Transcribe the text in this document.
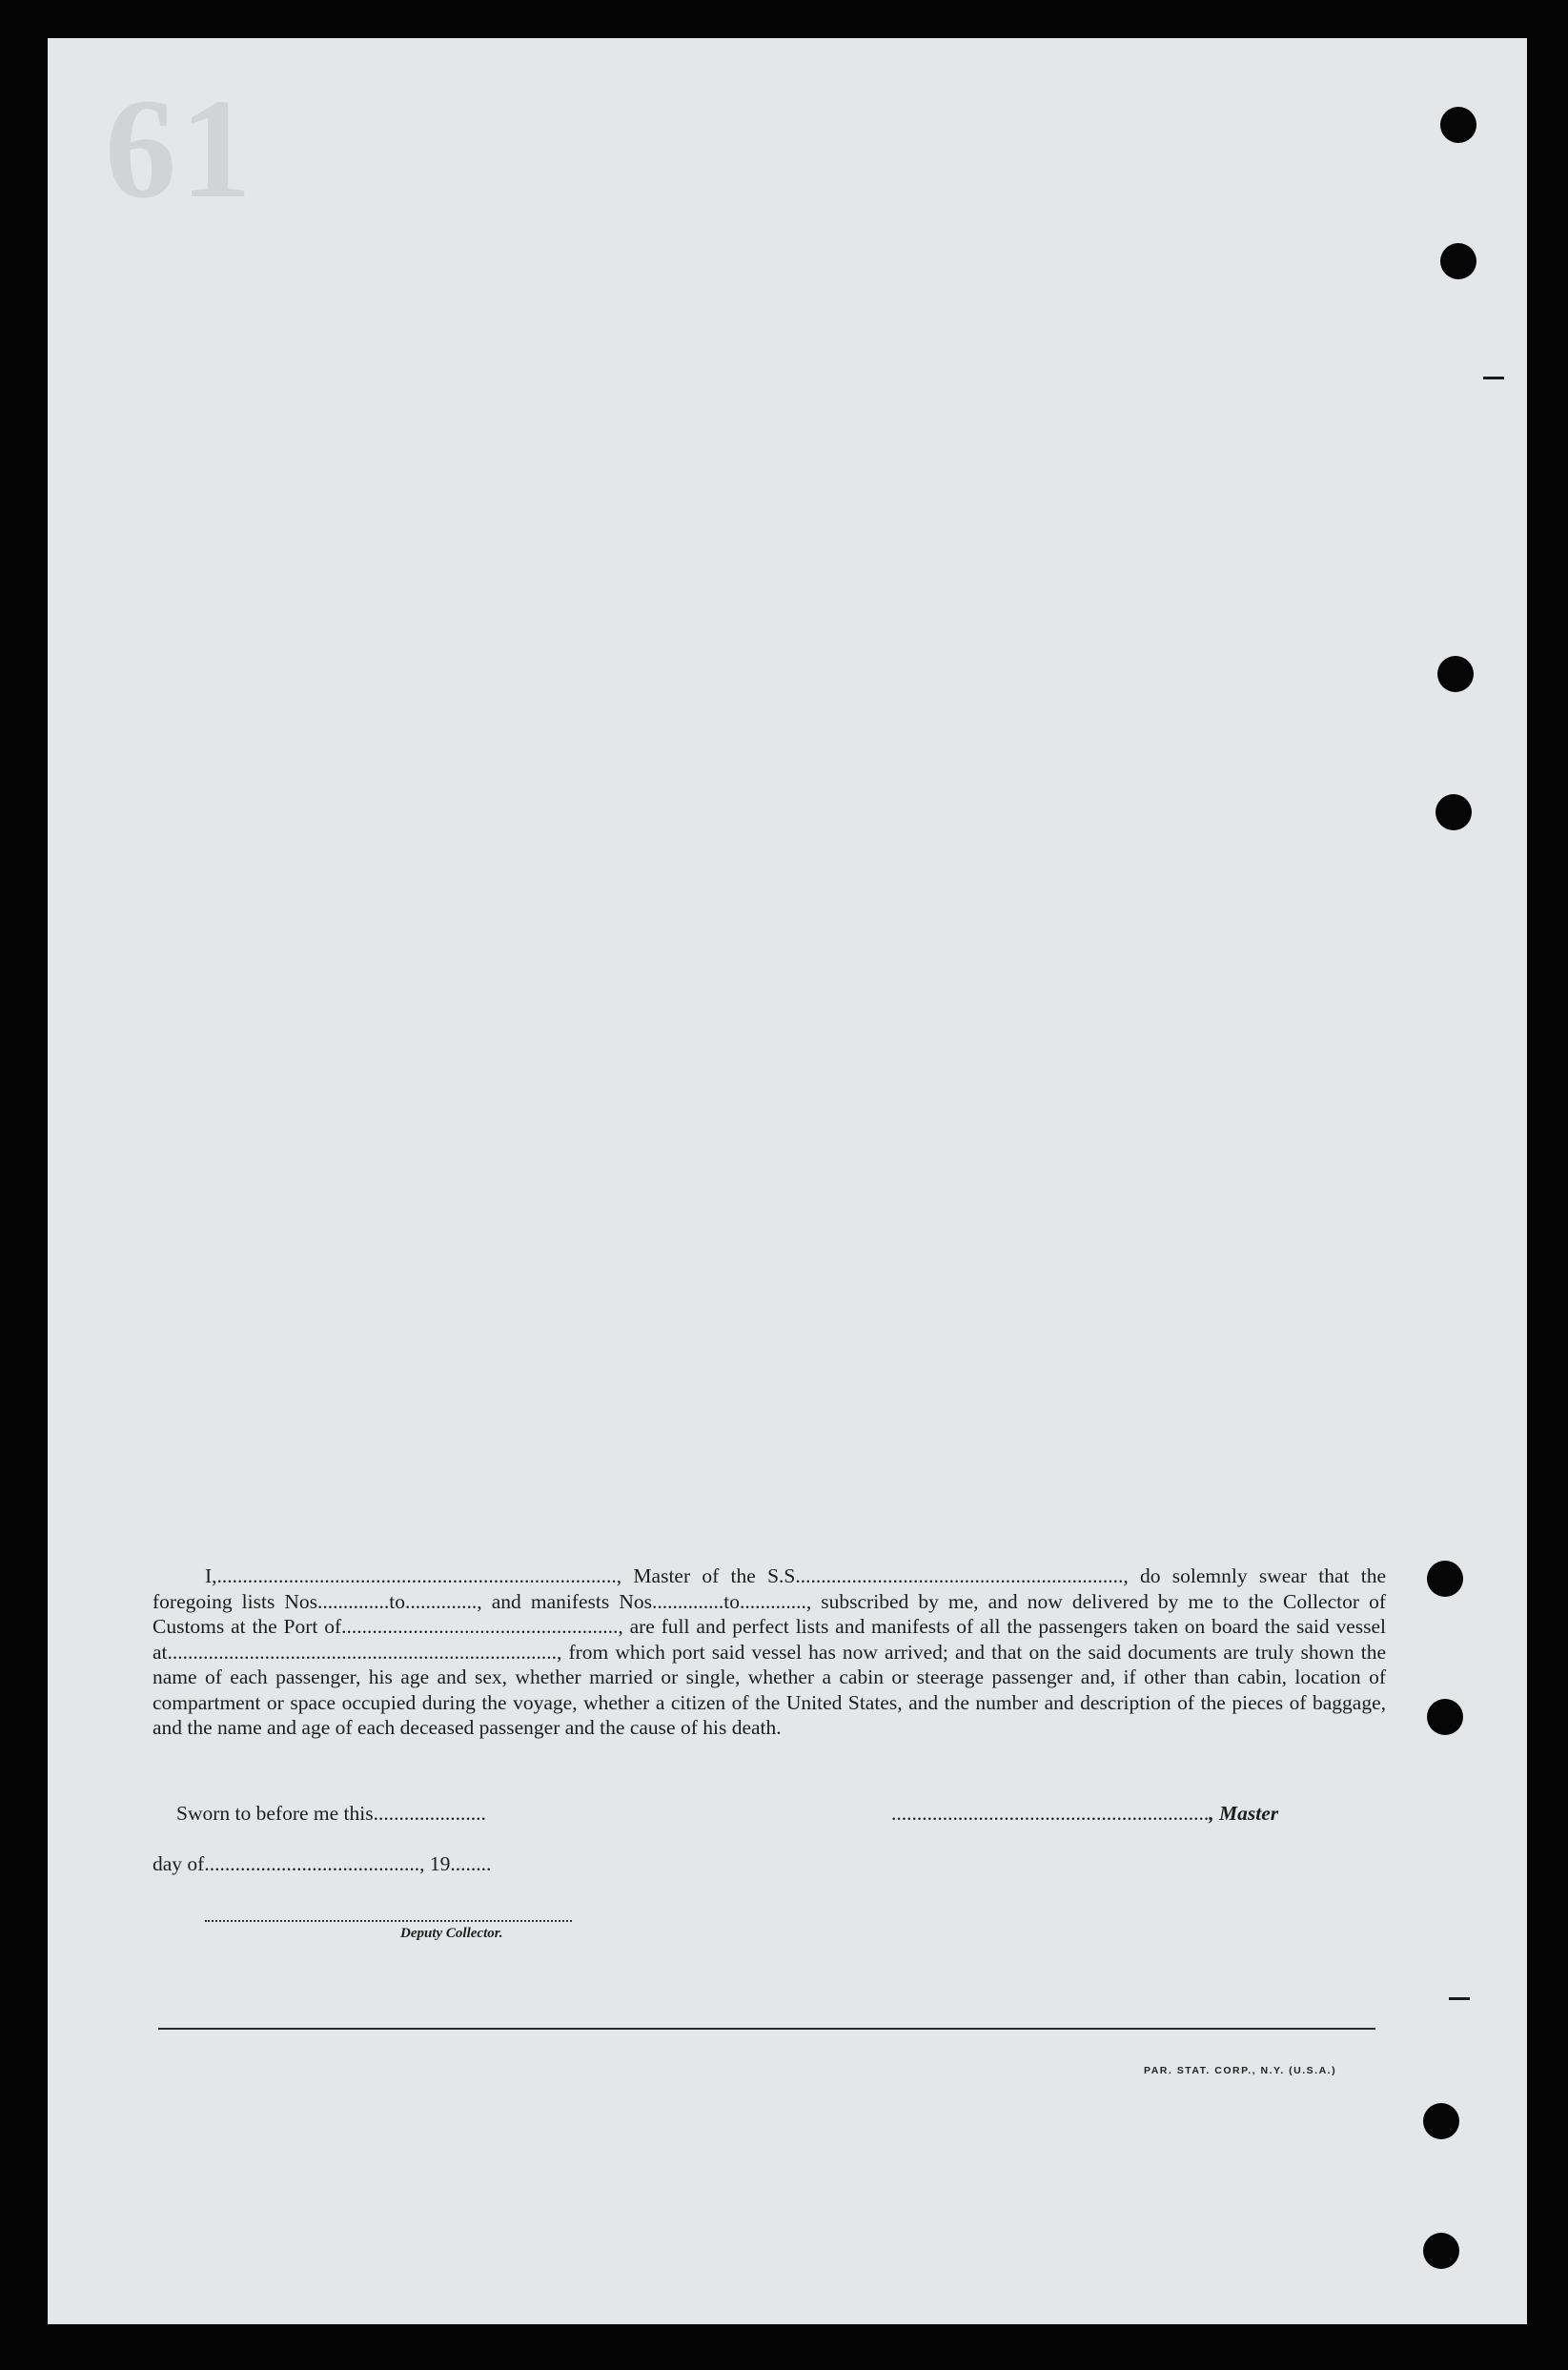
61
I,.............................................................................., Master of the S.S................................................................, do solemnly swear that the foregoing lists Nos..............to.............., and manifests Nos..............to............., subscribed by me, and now delivered by me to the Collector of Customs at the Port of......................................................, are full and perfect lists and manifests of all the passengers taken on board the said vessel at............................................................................, from which port said vessel has now arrived; and that on the said documents are truly shown the name of each passenger, his age and sex, whether married or single, whether a cabin or steerage passenger and, if other than cabin, location of compartment or space occupied during the voyage, whether a citizen of the United States, and the number and description of the pieces of baggage, and the name and age of each deceased passenger and the cause of his death.
Sworn to before me this......................	.............................................................., Master
day of.........................................., 19........
Deputy Collector.
PAR. STAT. CORP., N.Y. (U.S.A.)
